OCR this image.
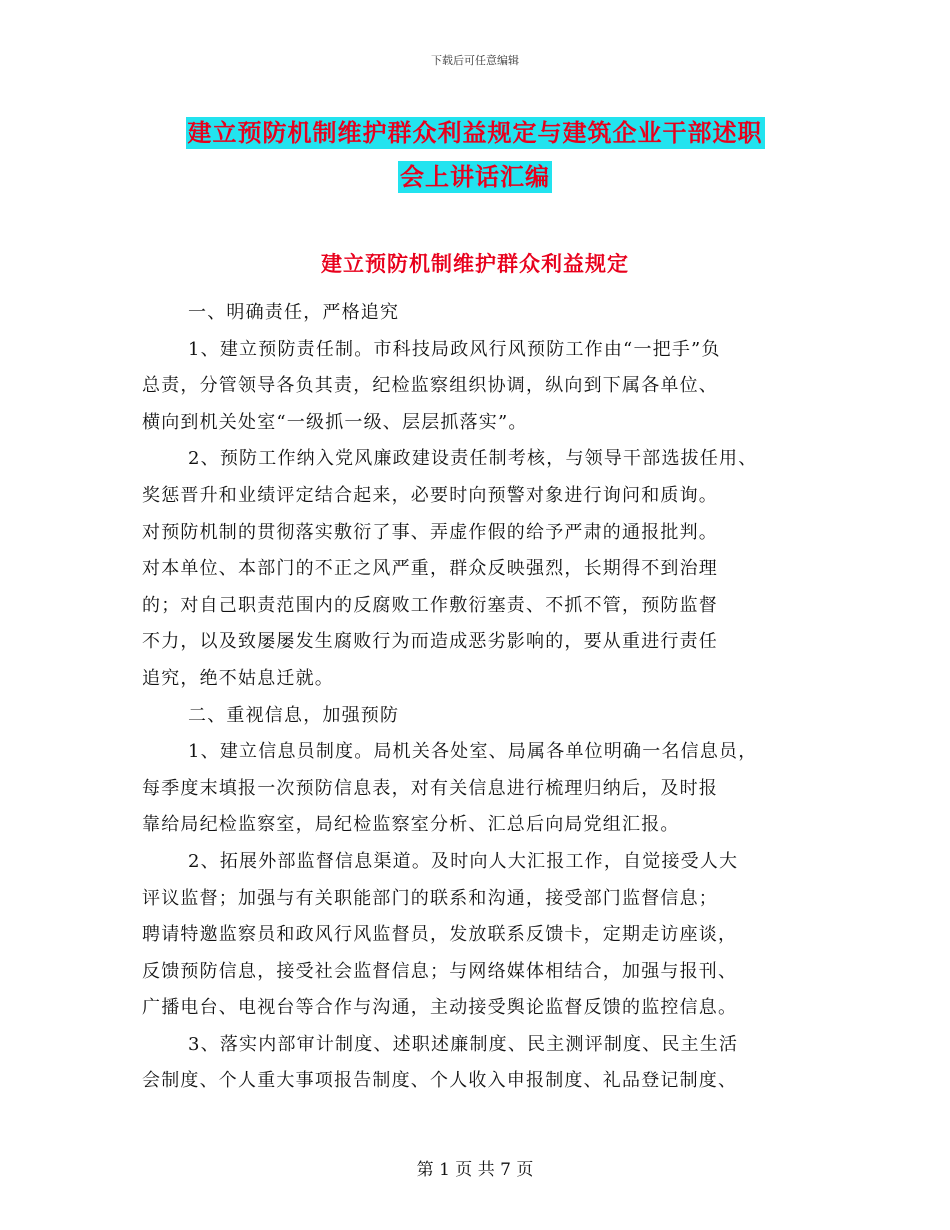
下载后可任意编辑
建立预防机制维护群众利益规定与建筑企业干部述职
会上讲话汇编
建立预防机制维护群众利益规定

一、明确责任，严格追究

1、建立预防责任制。市科技局政风行风预防工作由“一把手”负

总责，分管领导各负其责，纪检监察组织协调，纵向到下属各单位、

横向到机关处室“一级抓一级、层层抓落实”。

2、预防工作纳入党风廉政建设责任制考核，与领导干部选拔任用、

奖惩晋升和业绩评定结合起来，必要时向预警对象进行询问和质询。

对预防机制的贯彻落实敷衍了事、弄虚作假的给予严肃的通报批判。

对本单位、本部门的不正之风严重，群众反映强烈，长期得不到治理

的；对自己职责范围内的反腐败工作敷衍塞责、不抓不管，预防监督

不力，以及致屡屡发生腐败行为而造成恶劣影响的，要从重进行责任

追究，绝不姑息迁就。

二、重视信息，加强预防

1、建立信息员制度。局机关各处室、局属各单位明确一名信息员，

每季度末填报一次预防信息表，对有关信息进行梳理归纳后，及时报

靠给局纪检监察室，局纪检监察室分析、汇总后向局党组汇报。

2、拓展外部监督信息渠道。及时向人大汇报工作，自觉接受人大

评议监督；加强与有关职能部门的联系和沟通，接受部门监督信息；

聘请特邀监察员和政风行风监督员，发放联系反馈卡，定期走访座谈，

反馈预防信息，接受社会监督信息；与网络媒体相结合，加强与报刊、

广播电台、电视台等合作与沟通，主动接受舆论监督反馈的监控信息。

3、落实内部审计制度、述职述廉制度、民主测评制度、民主生活

会制度、个人重大事项报告制度、个人收入申报制度、礼品登记制度、

第 1 页 共 7 页
